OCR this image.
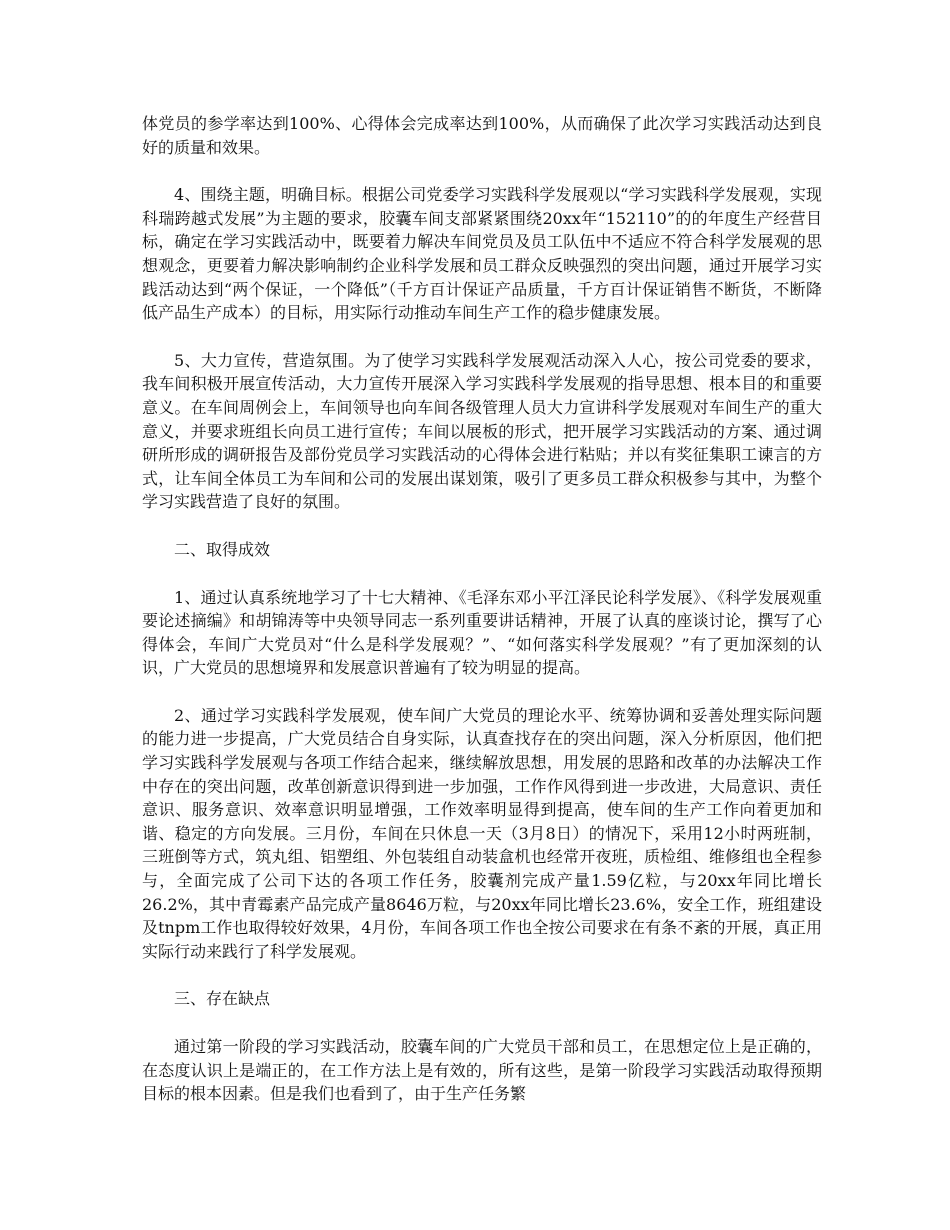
体党员的参学率达到100%、心得体会完成率达到100%，从而确保了此次学习实践活动达到良好的质量和效果。

4、围绕主题，明确目标。根据公司党委学习实践科学发展观以“学习实践科学发展观，实现科瑞跨越式发展”为主题的要求，胶囊车间支部紧紧围绕20xx年“152110”的的年度生产经营目标，确定在学习实践活动中，既要着力解决车间党员及员工队伍中不适应不符合科学发展观的思想观念，更要着力解决影响制约企业科学发展和员工群众反映强烈的突出问题，通过开展学习实践活动达到“两个保证，一个降低”（千方百计保证产品质量，千方百计保证销售不断货，不断降低产品生产成本）的目标，用实际行动推动车间生产工作的稳步健康发展。

5、大力宣传，营造氛围。为了使学习实践科学发展观活动深入人心，按公司党委的要求，我车间积极开展宣传活动，大力宣传开展深入学习实践科学发展观的指导思想、根本目的和重要意义。在车间周例会上，车间领导也向车间各级管理人员大力宣讲科学发展观对车间生产的重大意义，并要求班组长向员工进行宣传；车间以展板的形式，把开展学习实践活动的方案、通过调研所形成的调研报告及部份党员学习实践活动的心得体会进行粘贴；并以有奖征集职工谏言的方式，让车间全体员工为车间和公司的发展出谋划策，吸引了更多员工群众积极参与其中，为整个学习实践营造了良好的氛围。

二、取得成效

1、通过认真系统地学习了十七大精神、《毛泽东邓小平江泽民论科学发展》、《科学发展观重要论述摘编》和胡锦涛等中央领导同志一系列重要讲话精神，开展了认真的座谈讨论，撰写了心得体会，车间广大党员对“什么是科学发展观？”、“如何落实科学发展观？”有了更加深刻的认识，广大党员的思想境界和发展意识普遍有了较为明显的提高。

2、通过学习实践科学发展观，使车间广大党员的理论水平、统筹协调和妥善处理实际问题的能力进一步提高，广大党员结合自身实际，认真查找存在的突出问题，深入分析原因，他们把学习实践科学发展观与各项工作结合起来，继续解放思想，用发展的思路和改革的办法解决工作中存在的突出问题，改革创新意识得到进一步加强，工作作风得到进一步改进，大局意识、责任意识、服务意识、效率意识明显增强，工作效率明显得到提高，使车间的生产工作向着更加和谐、稳定的方向发展。三月份，车间在只休息一天（3月8日）的情况下，采用12小时两班制，三班倒等方式，筑丸组、铝塑组、外包装组自动装盒机也经常开夜班，质检组、维修组也全程参与，全面完成了公司下达的各项工作任务，胶囊剂完成产量1.59亿粒，与20xx年同比增长26.2%，其中青霉素产品完成产量8646万粒，与20xx年同比增长23.6%，安全工作，班组建设及tnpm工作也取得较好效果，4月份，车间各项工作也全按公司要求在有条不紊的开展，真正用实际行动来践行了科学发展观。

三、存在缺点

通过第一阶段的学习实践活动，胶囊车间的广大党员干部和员工，在思想定位上是正确的，在态度认识上是端正的，在工作方法上是有效的，所有这些，是第一阶段学习实践活动取得预期目标的根本因素。但是我们也看到了，由于生产任务繁
